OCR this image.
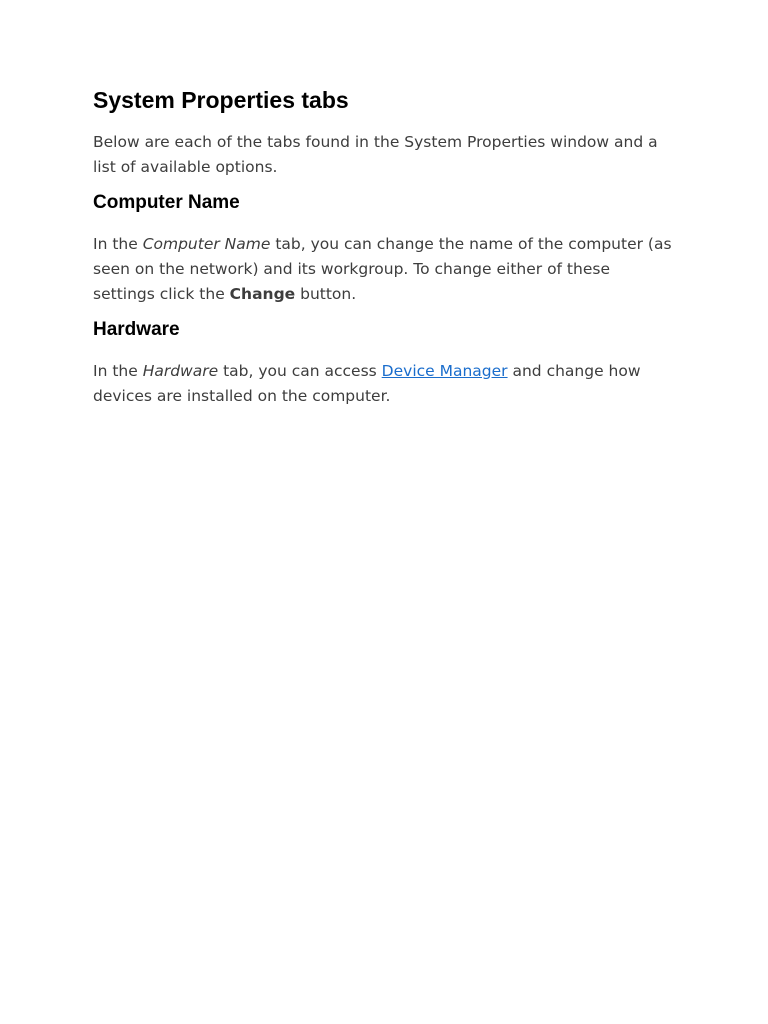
System Properties tabs

Below are each of the tabs found in the System Properties window and a list of available options.

Computer Name

In the Computer Name tab, you can change the name of the computer (as seen on the network) and its workgroup. To change either of these settings click the Change button.

Hardware

In the Hardware tab, you can access Device Manager and change how devices are installed on the computer.
